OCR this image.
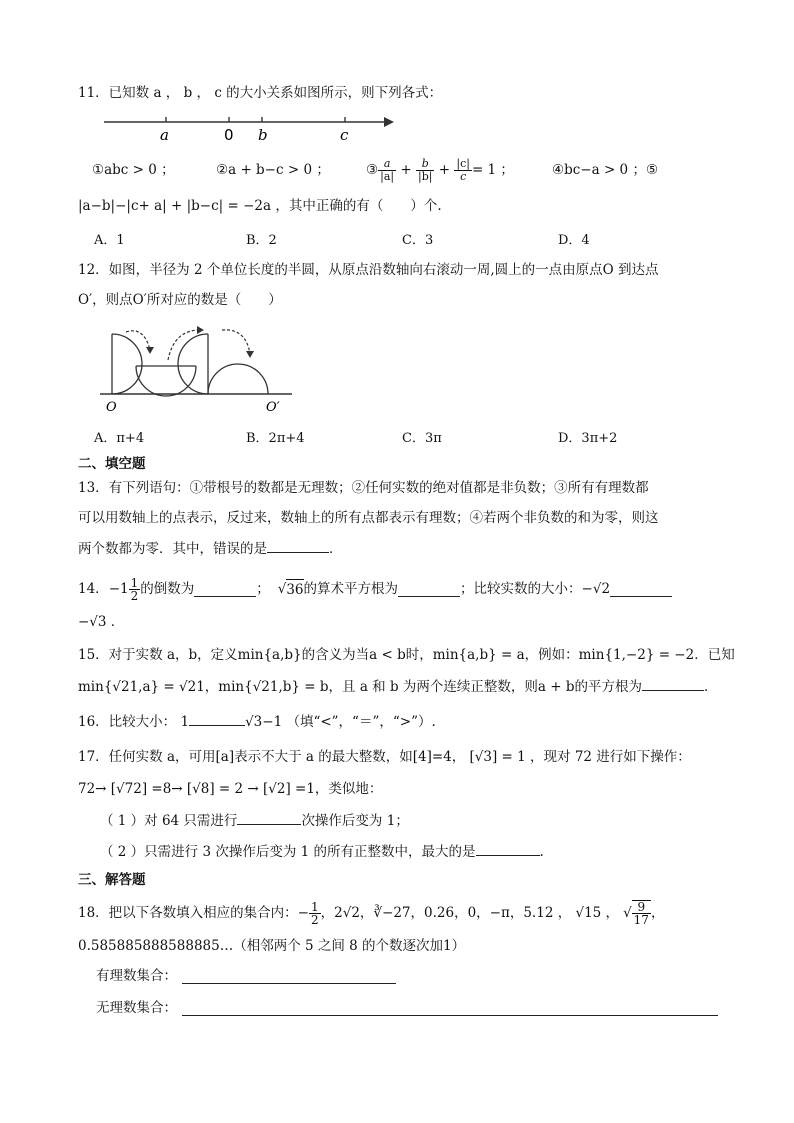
11．已知数 a ， b ， c 的大小关系如图所示，则下列各式：
a	0 b	c
①abc > 0 ；	②a + b−c > 0 ；	③ $\frac{a}{|a|} + \frac{b}{|b|} + \frac{|c|}{c} = 1$ ；	④bc−a > 0 ；⑤
|a−b|−|c+ a| + |b−c| = −2a ，其中正确的有（　　）个.
A．1	B．2	C．3	D．4
12．如图，半径为 2 个单位长度的半圆，从原点沿数轴向右滚动一周,圆上的一点由原点O 到达点
O′，则点O′所对应的数是（　　）
O	O′
A．π+4	B．2π+4	C．3π	D．3π+2
二、填空题
13．有下列语句：①带根号的数都是无理数；②任何实数的绝对值都是非负数；③所有有理数都
可以用数轴上的点表示，反过来，数轴上的所有点都表示有理数；④若两个非负数的和为零，则这
两个数都为零．其中，错误的是	．
14． $-1 \frac{1}{2}$ 的倒数为	； √ 36 的算术平方根为	；比较实数的大小： −√2
−√3 ．
15．对于实数 a，b，定义min{a,b}的含义为当a < b时，min{a,b} = a，例如：min{1,−2} = −2．已知
min{√21,a} = √21，min{√21,b} = b，且 a 和 b 为两个连续正整数，则a + b的平方根为	．
16．比较大小： 1	√3−1 （填“<”，“＝”，“>”）.
17．任何实数 a，可用[a]表示不大于 a 的最大整数，如[4]=4， [√3] = 1 ，现对 72 进行如下操作：
72→ [√72] =8→ [√8] = 2 → [√2] =1，类似地：
（ 1 ）对 64 只需进行	次操作后变为 1；
（ 2 ）只需进行 3 次操作后变为 1 的所有正整数中，最大的是	.
三、解答题
18．把以下各数填入相应的集合内：− $\frac{1}{2}$ ，2√2，∛−27，0.26，0，−π，5.12 ， √15 ， √ $\frac{9}{17}$ ，
0.585885888588885…（相邻两个 5 之间 8 的个数逐次加1）
有理数集合：
无理数集合：
